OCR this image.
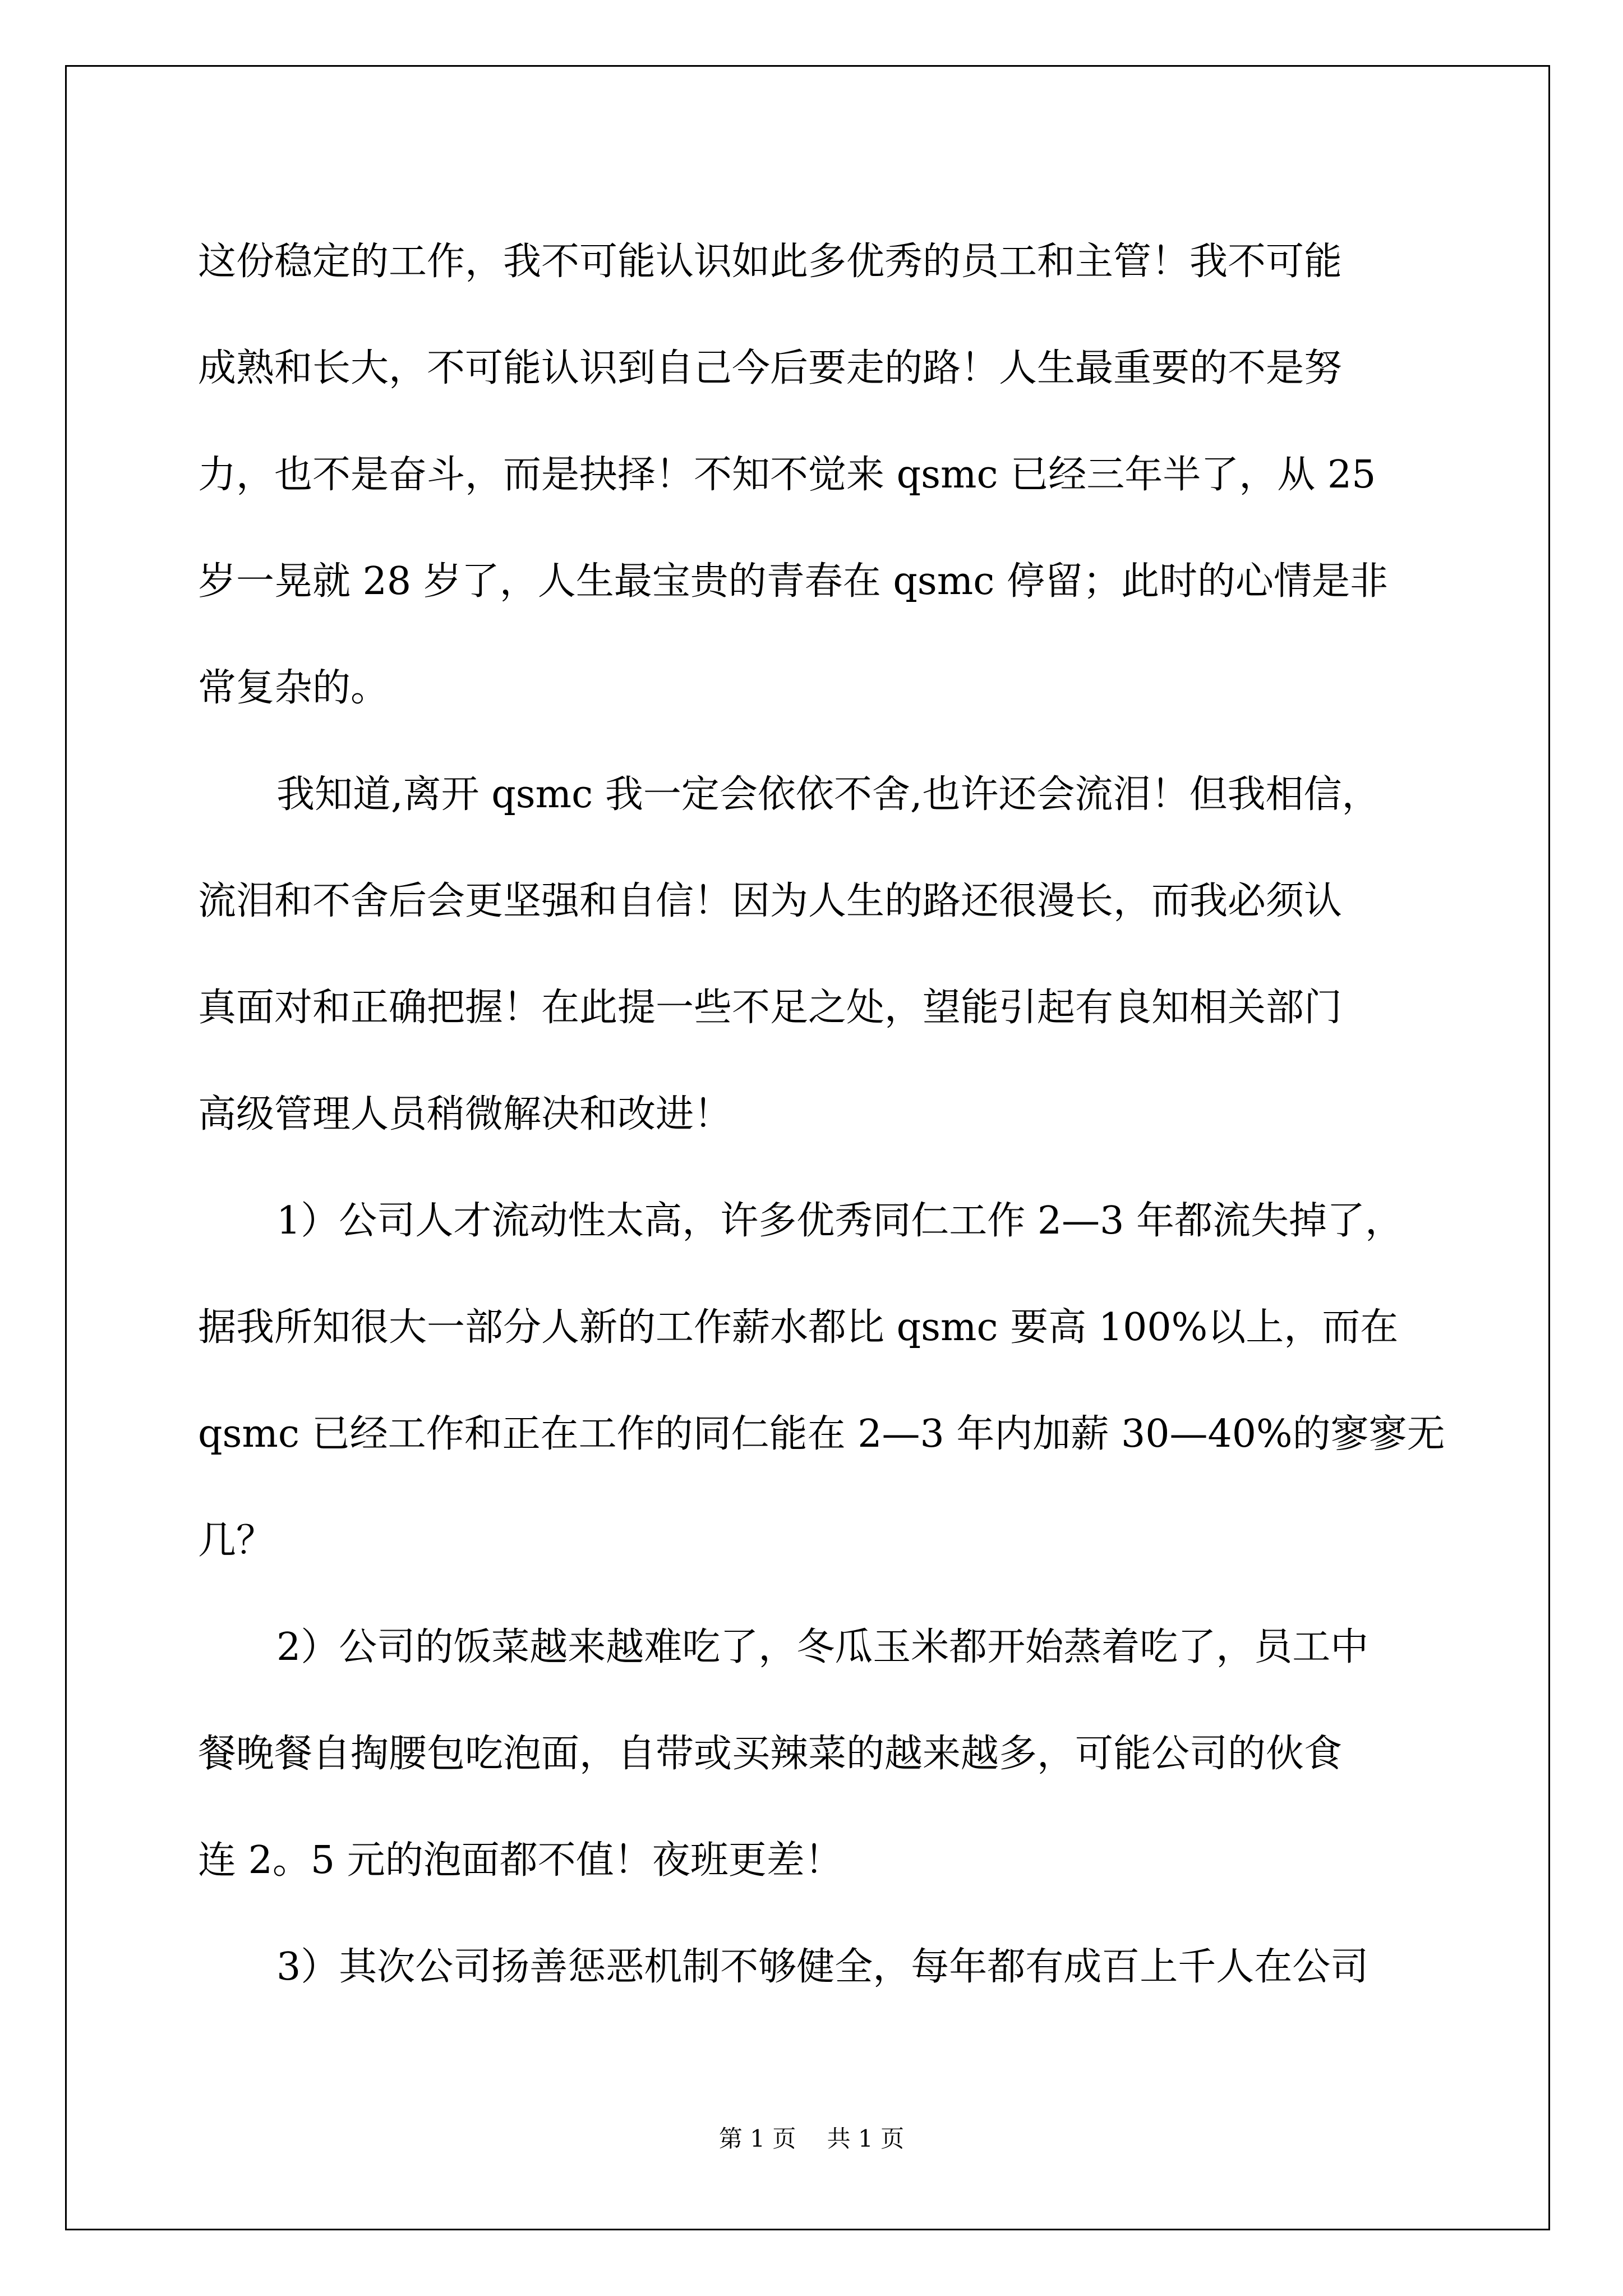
这份稳定的工作，我不可能认识如此多优秀的员工和主管！我不可能
成熟和长大，不可能认识到自己今后要走的路！人生最重要的不是努
力，也不是奋斗，而是抉择！不知不觉来 qsmc 已经三年半了，从 25
岁一晃就 28 岁了，人生最宝贵的青春在 qsmc 停留；此时的心情是非
常复杂的。
我知道,离开 qsmc 我一定会依依不舍,也许还会流泪！但我相信，
流泪和不舍后会更坚强和自信！因为人生的路还很漫长，而我必须认
真面对和正确把握！在此提一些不足之处，望能引起有良知相关部门
高级管理人员稍微解决和改进！
1）公司人才流动性太高，许多优秀同仁工作 2—3 年都流失掉了，
据我所知很大一部分人新的工作薪水都比 qsmc 要高 100%以上，而在
qsmc 已经工作和正在工作的同仁能在 2—3 年内加薪 30—40%的寥寥无
几？
2）公司的饭菜越来越难吃了，冬瓜玉米都开始蒸着吃了，员工中
餐晚餐自掏腰包吃泡面，自带或买辣菜的越来越多，可能公司的伙食
连 2。5 元的泡面都不值！夜班更差！
3）其次公司扬善惩恶机制不够健全，每年都有成百上千人在公司
第 1 页　 共 1 页
